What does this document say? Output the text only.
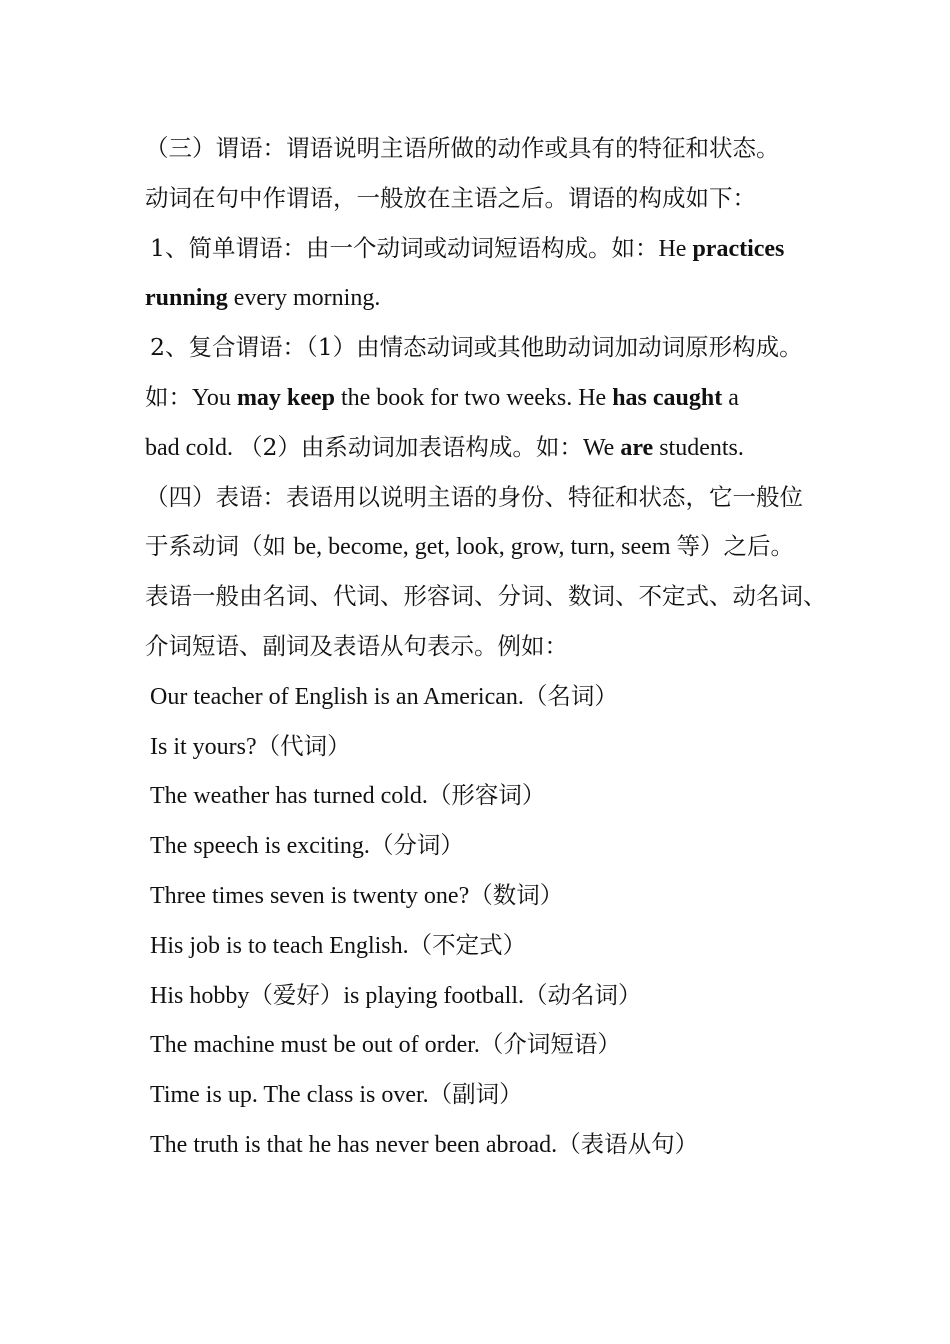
（三）谓语：谓语说明主语所做的动作或具有的特征和状态。
动词在句中作谓语，一般放在主语之后。谓语的构成如下：
1、简单谓语：由一个动词或动词短语构成。如：He practices
running every morning.
2、复合谓语：（1）由情态动词或其他助动词加动词原形构成。
如：You may keep the book for two weeks. He has caught a
bad cold. （2）由系动词加表语构成。如：We are students.
（四）表语：表语用以说明主语的身份、特征和状态，它一般位
于系动词（如 be, become, get, look, grow, turn, seem 等）之后。
表语一般由名词、代词、形容词、分词、数词、不定式、动名词、
介词短语、副词及表语从句表示。例如：
Our teacher of English is an American.（名词）
Is it yours?（代词）
The weather has turned cold.（形容词）
The speech is exciting.（分词）
Three times seven is twenty one?（数词）
His job is to teach English.（不定式）
His hobby（爱好）is playing football.（动名词）
The machine must be out of order.（介词短语）
Time is up. The class is over.（副词）
The truth is that he has never been abroad.（表语从句）
